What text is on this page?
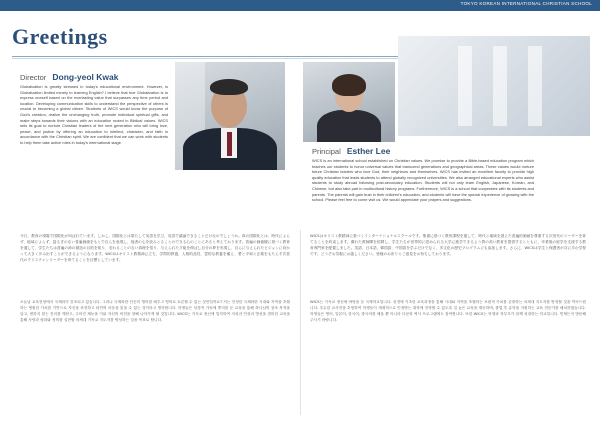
TOKYO KOREAN INTERNATIONAL CHRISTIAN SCHOOL
Greetings
Director Dong-yeol Kwak

Globalization is greatly stressed in today's educational environment. However, is Globalization limited merely to learning English? I believe that true Globalization is to express oneself based on the everlasting value that surpasses any time period and location. Developing communication skills to understand the perspective of others is crucial to becoming a global citizen. Students of WICS would know the purpose of God's creation, realize the unchanging truth, promote individual spiritual gifts, and make steps towards their visions with an education rooted in Biblical values. WICS sets its goal to nurture Christian leaders of the next generation who will bring love, peace, and justice by offering an education to intellect, character, and faith in accordance with the Christian spirit. We are confident that we can work with students to help them take active roles in today's international stage.

Principal Esther Lee

WICS is an international school established on Christian values. We promise to provide a Bible-based education program which teaches our students to honor universal values that transcend generations and geographical areas. These values would nurture future Christian leaders who love God, their neighbors and themselves. WICS has invited an excellent faculty to provide high quality education that leads students to attend globally recognized universities. We also arranged educational experts who assist students to study abroad following post-secondary education. Students will not only learn English, Japanese, Korean, and Chinese, but also take part in multicultural history programs. Furthermore, WICS is a school that cooperates with its students and parents. The parents will gain trust in their children's education, and students will have the special experience of growing with the school. Please feel free to come visit us. We would appreciate your prayers and suggestions.

今日、教育の現場で国際化が叫ばれています。しかし、国際化とは果たして英語を学び、英語で議論できることだけなのでしょうか。真の国際化とは、時代によらず、地域によらず、揺るぎのない普遍価値をもとで自らを表現し、他者の心を読みとることのできる心のことにあると考えております。普遍の価値観に基づく教育を通して、学生たちは普遍の神の創造の目的を知り、変わることのない真理を悟り、与えられた才能を伸ばし自分の夢を実現し、自らに与えられたビジョンに向かって大きく歩み出すことができるようになります。WICSはキリスト教精神に立ち、学問的教養、人格的品性、霊的な教養を備え、愛と平和と正義をもたらす次世代のクリスチャンリーダーを育てることを目標としています。

WICSはキリスト教精神に基づくインターナショナルスクールです。聖書に基づく教育課程を通して、時代と地域を超えた普遍的価値を尊重する次世代のリーダーを育てることを約束します。優れた教師陣を招聘し、学生たちが世界的に認められる大学に進学できるよう質の高い教育を提供するとともに、卒業後の留学を支援する教育専門家を配置しました。英語、日本語、韓国語、中国語を学ぶだけでなく、多文化の歴史プログラムにも参加します。さらに、WICSは学生と保護者が共に歩む学校です。どうぞお気軽にお越しください。皆様のお祈りとご意見をお待ちしております。

오늘날 교육현장에서 국제화가 강조되고 있습니다. 그러나 국제화란 단순히 영어를 배우고 영어로 토론할 수 있는 것만일까요? 저는 진정한 국제화란 시대와 지역을 초월하는 영원한 가치를 기반으로 자신을 표현하고 타인의 마음을 읽을 수 있는 것이라고 생각합니다. 학생들은 성경적 가치에 뿌리를 둔 교육을 통해 하나님의 창조 목적을 알고, 변하지 않는 진리를 깨닫고, 주어진 재능을 키워 자신의 비전을 향해 나아가게 될 것입니다. WICS는 기독교 정신에 입각하여 지성과 인성과 영성을 겸비한 교육을 통해 사랑과 평화와 정의를 실현할 차세대 기독교 지도자를 양성하는 것을 목표로 합니다.

WICS는 기독교 정신에 바탕을 둔 국제학교입니다. 성경에 기초한 교육과정을 통해 시대와 지역을 초월하는 보편적 가치를 존중하는 차세대 지도자를 양성할 것을 약속드립니다. 우수한 교사진을 초빙하여 학생들이 세계적으로 인정받는 대학에 진학할 수 있도록 질 높은 교육을 제공하며, 졸업 후 유학을 지원하는 교육 전문가를 배치하였습니다. 학생들은 영어, 일본어, 한국어, 중국어를 배울 뿐 아니라 다문화 역사 프로그램에도 참여합니다. 또한 WICS는 학생과 학부모가 함께 성장하는 학교입니다. 언제든지 방문해 주시기 바랍니다.
